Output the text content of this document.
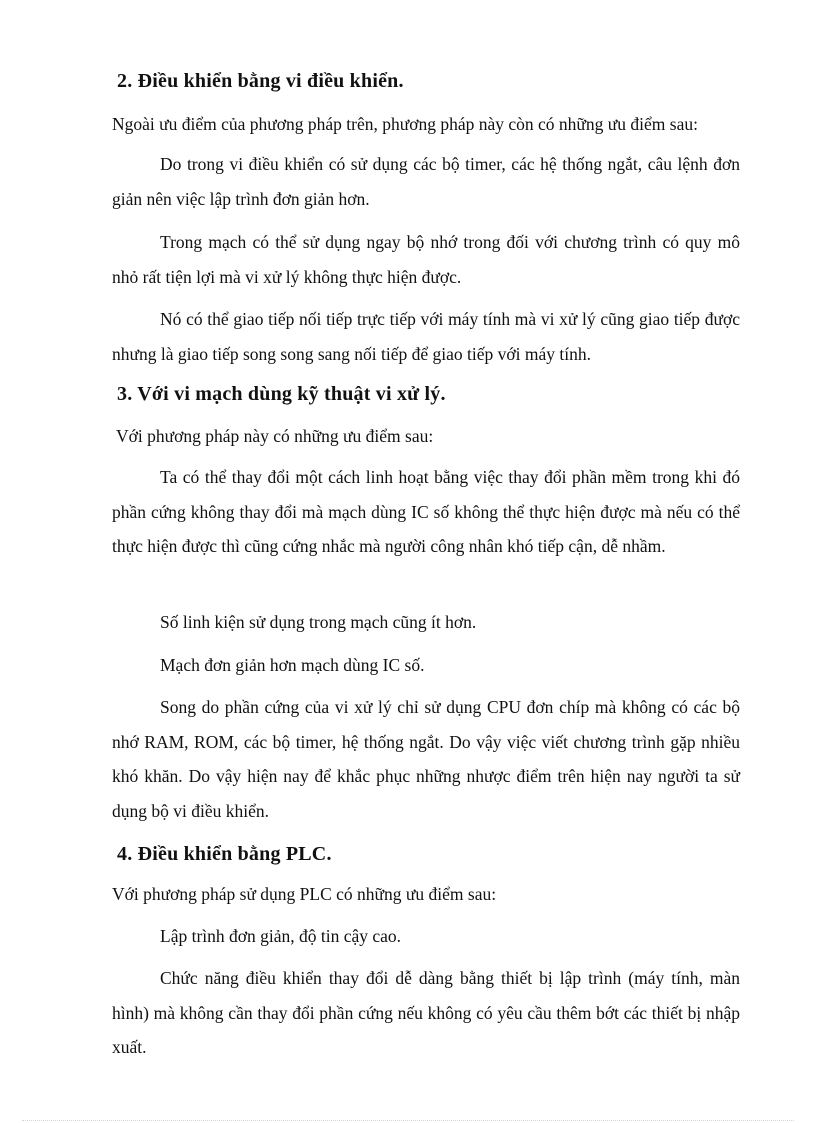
2. Điều khiển bằng vi điều khiển.

Ngoài ưu điểm của phương pháp trên, phương pháp này còn có những ưu điểm sau:

Do trong vi điều khiển có sử dụng các bộ timer, các hệ thống ngắt, câu lệnh đơn giản nên việc lập trình đơn giản hơn.

Trong mạch có thể sử dụng ngay bộ nhớ trong đối với chương trình có quy mô nhỏ rất tiện lợi mà vi xử lý không thực hiện được.

Nó có thể giao tiếp nối tiếp trực tiếp với máy tính mà vi xử lý cũng giao tiếp được nhưng là giao tiếp song song sang nối tiếp để giao tiếp với máy tính.

3. Với vi mạch dùng kỹ thuật vi xử lý.

Với phương pháp này có những ưu điểm sau:

Ta có thể thay đổi một cách linh hoạt bằng việc thay đổi phần mềm trong khi đó phần cứng không thay đổi mà mạch dùng IC số không thể thực hiện được mà nếu có thể thực hiện được thì cũng cứng nhắc mà người công nhân khó tiếp cận, dễ nhầm.

Số linh kiện sử dụng trong mạch cũng ít hơn.

Mạch đơn giản hơn mạch dùng IC số.

Song do phần cứng của vi xử lý chỉ sử dụng CPU đơn chíp mà không có các bộ nhớ RAM, ROM, các bộ timer, hệ thống ngắt. Do vậy việc viết chương trình gặp nhiều khó khăn. Do vậy hiện nay để khắc phục những nhược điểm trên hiện nay người ta sử dụng bộ vi điều khiển.

4. Điều khiển bằng PLC.

Với phương pháp sử dụng PLC có những ưu điểm sau:

Lập trình đơn giản, độ tin cậy cao.

Chức năng điều khiển thay đổi dễ dàng bằng thiết bị lập trình (máy tính, màn hình) mà không cần thay đổi phần cứng nếu không có yêu cầu thêm bớt các thiết bị nhập xuất.
